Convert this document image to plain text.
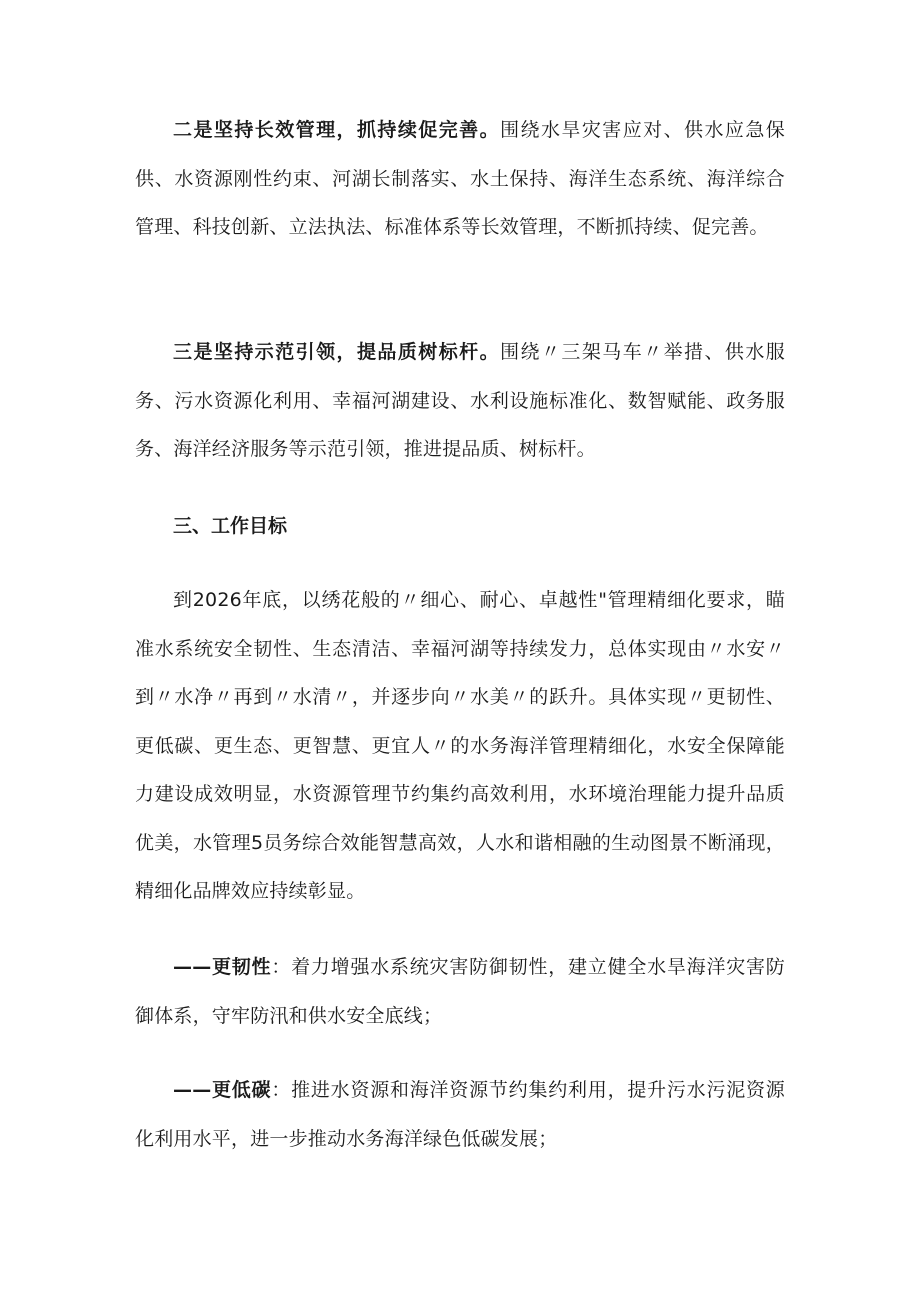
二是坚持长效管理，抓持续促完善。围绕水旱灾害应对、供水应急保供、水资源刚性约束、河湖长制落实、水土保持、海洋生态系统、海洋综合管理、科技创新、立法执法、标准体系等长效管理，不断抓持续、促完善。

三是坚持示范引领，提品质树标杆。围绕〃三架马车〃举措、供水服务、污水资源化利用、幸福河湖建设、水利设施标准化、数智赋能、政务服务、海洋经济服务等示范引领，推进提品质、树标杆。

三、工作目标

到2026年底，以绣花般的〃细心、耐心、卓越性"管理精细化要求，瞄准水系统安全韧性、生态清洁、幸福河湖等持续发力，总体实现由〃水安〃到〃水净〃再到〃水清〃，并逐步向〃水美〃的跃升。具体实现〃更韧性、更低碳、更生态、更智慧、更宜人〃的水务海洋管理精细化，水安全保障能力建设成效明显，水资源管理节约集约高效利用，水环境治理能力提升品质优美，水管理5员务综合效能智慧高效，人水和谐相融的生动图景不断涌现，精细化品牌效应持续彰显。

——更韧性：着力增强水系统灾害防御韧性，建立健全水旱海洋灾害防御体系，守牢防汛和供水安全底线；

——更低碳：推进水资源和海洋资源节约集约利用，提升污水污泥资源化利用水平，进一步推动水务海洋绿色低碳发展；
